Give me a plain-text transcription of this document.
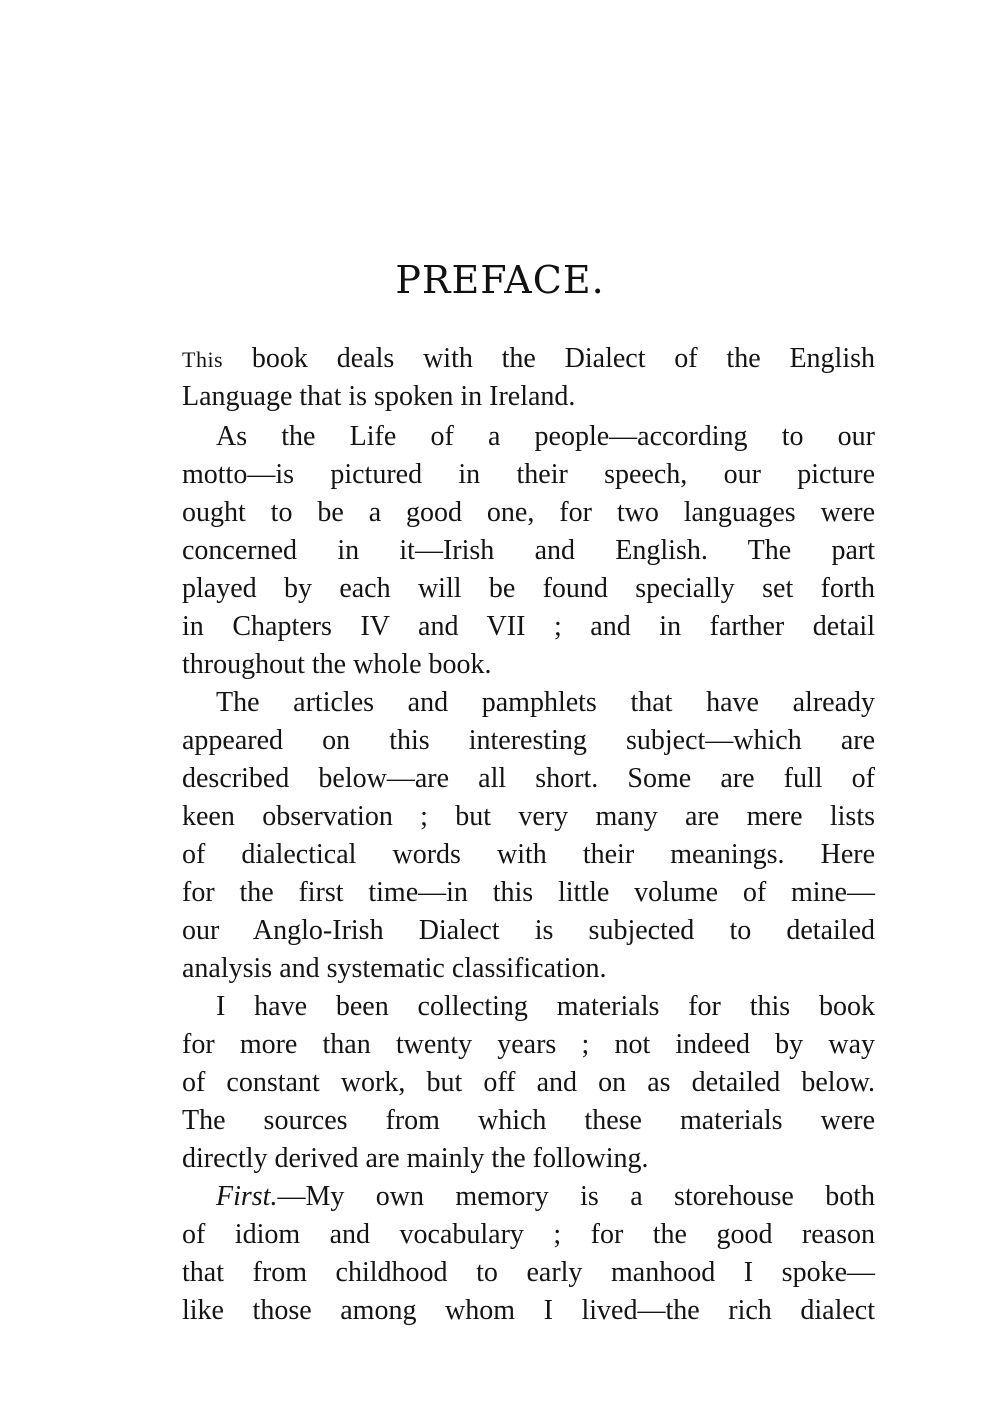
PREFACE.

This book deals with the Dialect of the English

Language that is spoken in Ireland.

As the Life of a people—according to our

motto—is pictured in their speech, our picture

ought to be a good one, for two languages were

concerned in it—Irish and English. The part

played by each will be found specially set forth

in Chapters IV and VII ; and in farther detail

throughout the whole book.

The articles and pamphlets that have already

appeared on this interesting subject—which are

described below—are all short. Some are full of

keen observation ; but very many are mere lists

of dialectical words with their meanings. Here

for the first time—in this little volume of mine—

our Anglo-Irish Dialect is subjected to detailed

analysis and systematic classification.

I have been collecting materials for this book

for more than twenty years ; not indeed by way

of constant work, but off and on as detailed below.

The sources from which these materials were

directly derived are mainly the following.

First.—My own memory is a storehouse both

of idiom and vocabulary ; for the good reason

that from childhood to early manhood I spoke—

like those among whom I lived—the rich dialect
